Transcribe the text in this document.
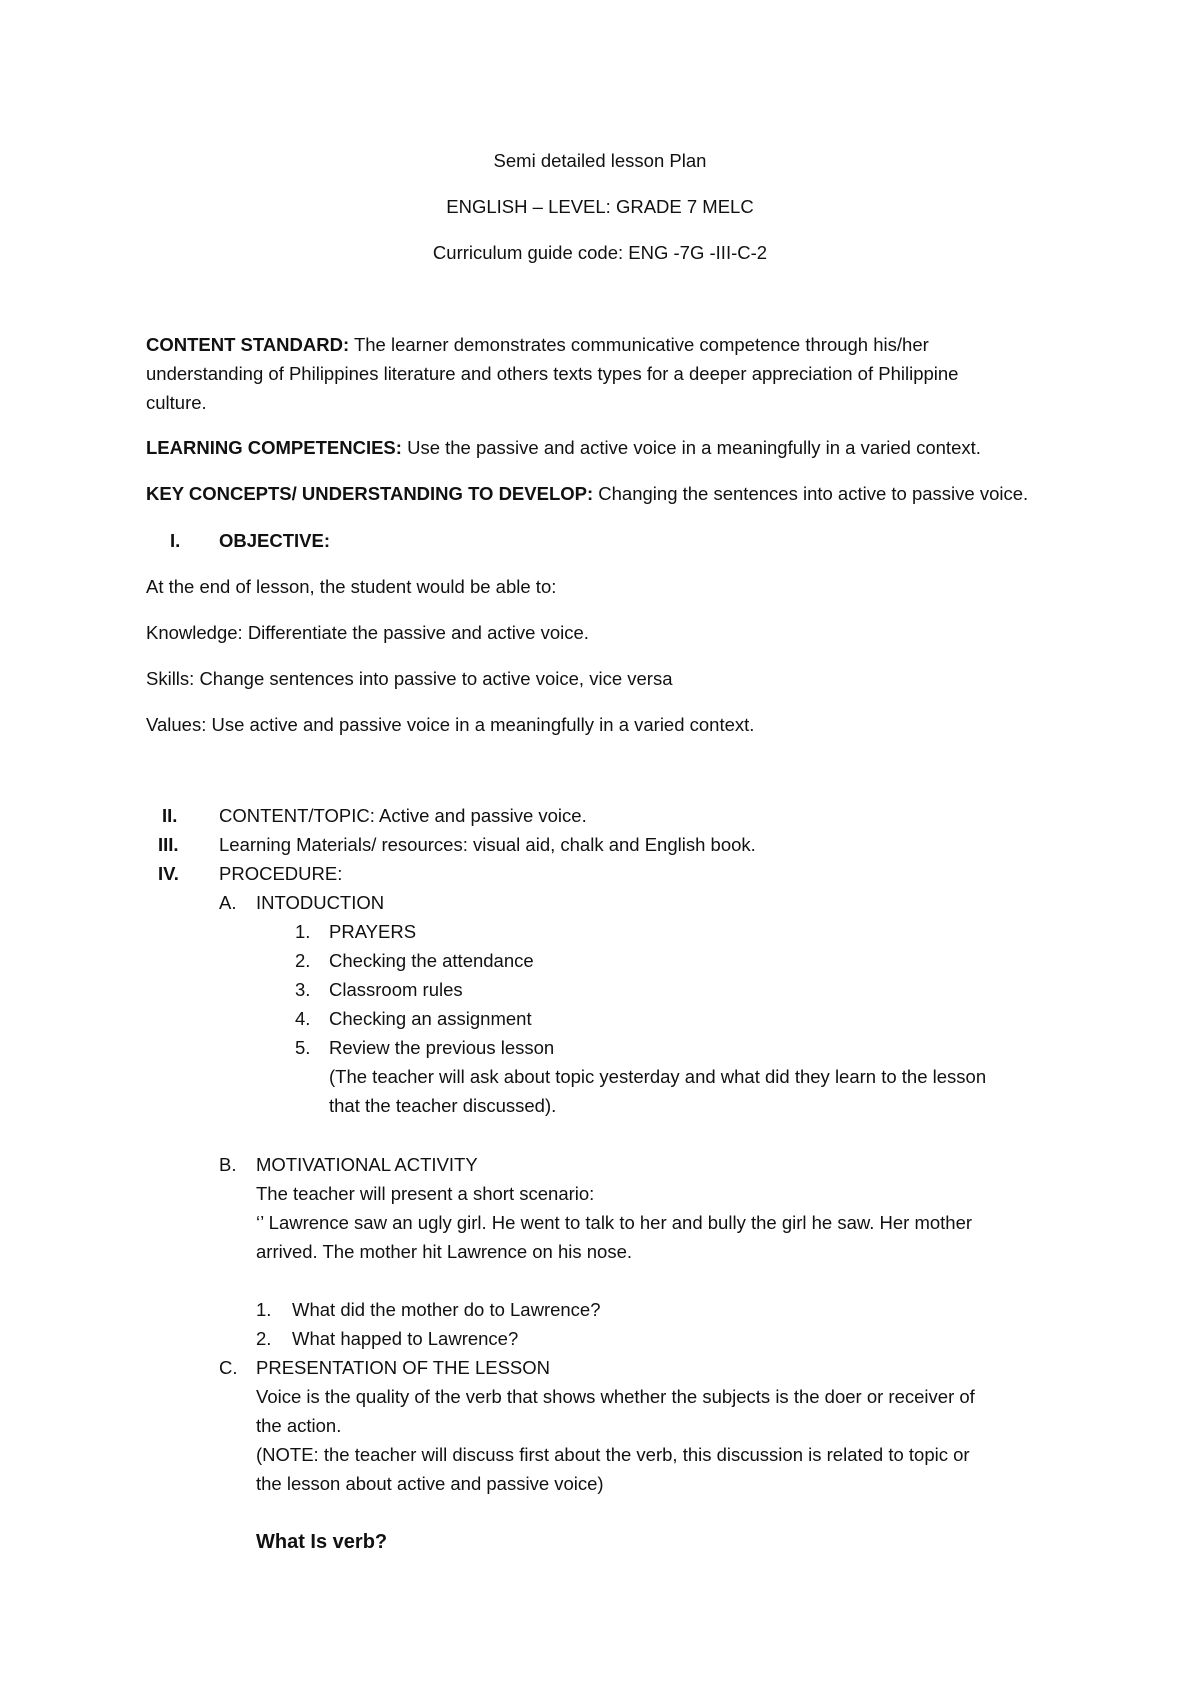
Semi detailed lesson Plan
ENGLISH – LEVEL: GRADE 7 MELC
Curriculum guide code: ENG -7G -III-C-2
CONTENT STANDARD: The learner demonstrates communicative competence through his/her
understanding of Philippines literature and others texts types for a deeper appreciation of Philippine
culture.
LEARNING COMPETENCIES: Use the passive and active voice in a meaningfully in a varied context.
KEY CONCEPTS/ UNDERSTANDING TO DEVELOP: Changing the sentences into active to passive voice.
I. OBJECTIVE:
At the end of lesson, the student would be able to:
Knowledge: Differentiate the passive and active voice.
Skills: Change sentences into passive to active voice, vice versa
Values: Use active and passive voice in a meaningfully in a varied context.
II. CONTENT/TOPIC: Active and passive voice.
III. Learning Materials/ resources: visual aid, chalk and English book.
IV. PROCEDURE:
A. INTODUCTION
1. PRAYERS
2. Checking the attendance
3. Classroom rules
4. Checking an assignment
5. Review the previous lesson
(The teacher will ask about topic yesterday and what did they learn to the lesson
that the teacher discussed).
B. MOTIVATIONAL ACTIVITY
The teacher will present a short scenario:
‘’ Lawrence saw an ugly girl. He went to talk to her and bully the girl he saw. Her mother
arrived. The mother hit Lawrence on his nose.
1. What did the mother do to Lawrence?
2. What happed to Lawrence?
C. PRESENTATION OF THE LESSON
Voice is the quality of the verb that shows whether the subjects is the doer or receiver of
the action.
(NOTE: the teacher will discuss first about the verb, this discussion is related to topic or
the lesson about active and passive voice)
What Is verb?
